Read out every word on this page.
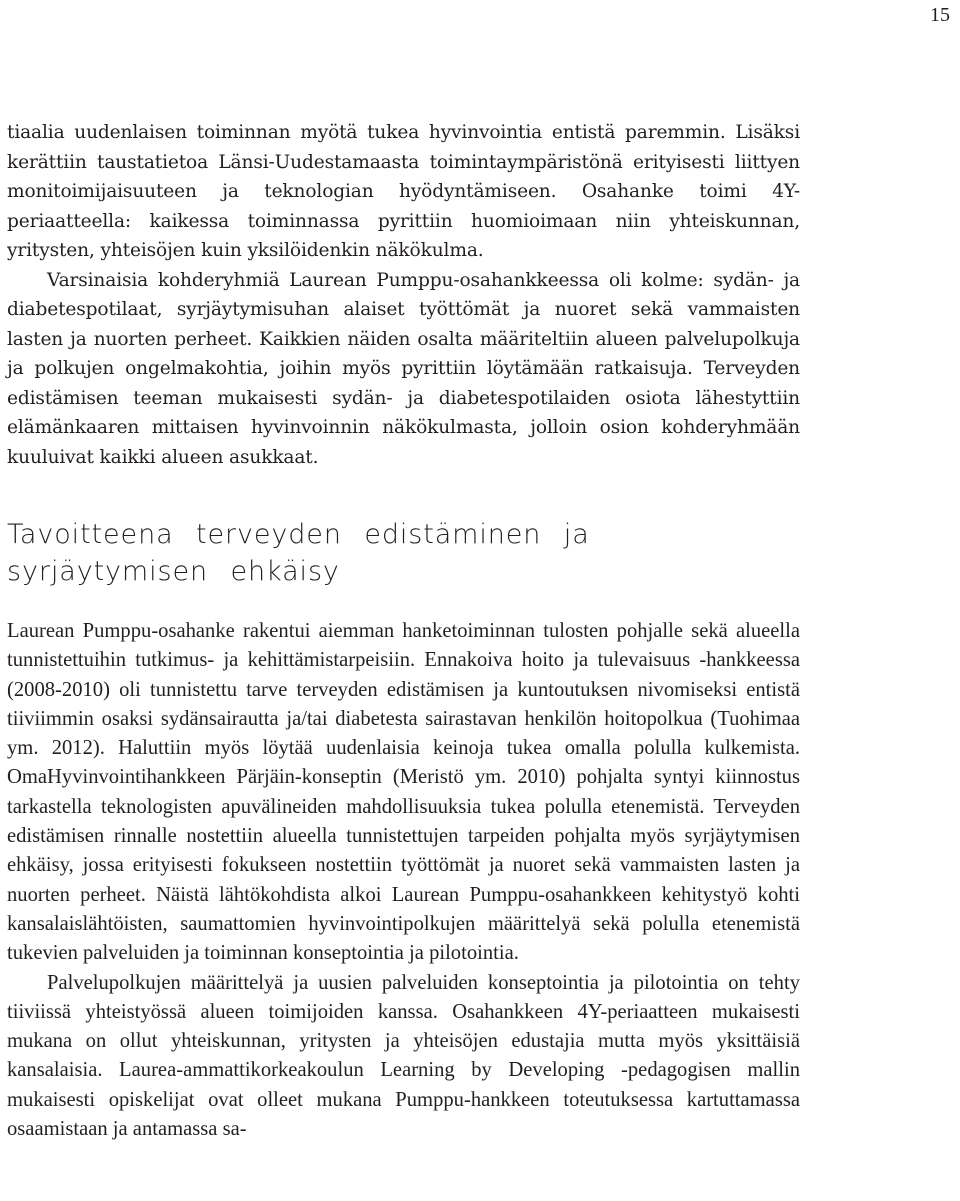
15

tiaalia uudenlaisen toiminnan myötä tukea hyvinvointia entistä paremmin. Lisäksi kerättiin taustatietoa Länsi-Uudestamaasta toimintaympäristönä erityisesti liittyen monitoimijaisuuteen ja teknologian hyödyntämiseen. Osahanke toimi 4Y-periaatteella: kaikessa toiminnassa pyrittiin huomioimaan niin yhteiskunnan, yritysten, yhteisöjen kuin yksilöidenkin näkökulma.

Varsinaisia kohderyhmiä Laurean Pumppu-osahankkeessa oli kolme: sydän- ja diabetespotilaat, syrjäytymisuhan alaiset työttömät ja nuoret sekä vammaisten lasten ja nuorten perheet. Kaikkien näiden osalta määriteltiin alueen palvelupolkuja ja polkujen ongelmakohtia, joihin myös pyrittiin löytämään ratkaisuja. Terveyden edistämisen teeman mukaisesti sydän- ja diabetespotilaiden osiota lähestyttiin elämänkaaren mittaisen hyvinvoinnin näkökulmasta, jolloin osion kohderyhmään kuuluivat kaikki alueen asukkaat.

Tavoitteena terveyden edistäminen ja syrjäytymisen ehkäisy

Laurean Pumppu-osahanke rakentui aiemman hanketoiminnan tulosten pohjalle sekä alueella tunnistettuihin tutkimus- ja kehittämistarpeisiin. Ennakoiva hoito ja tulevaisuus -hankkeessa (2008-2010) oli tunnistettu tarve terveyden edistämisen ja kuntoutuksen nivomiseksi entistä tiiviimmin osaksi sydänsairautta ja/tai diabetesta sairastavan henkilön hoitopolkua (Tuohimaa ym. 2012). Haluttiin myös löytää uudenlaisia keinoja tukea omalla polulla kulkemista. OmaHyvinvointihankkeen Pärjäin-konseptin (Meristö ym. 2010) pohjalta syntyi kiinnostus tarkastella teknologisten apuvälineiden mahdollisuuksia tukea polulla etenemistä. Terveyden edistämisen rinnalle nostettiin alueella tunnistettujen tarpeiden pohjalta myös syrjäytymisen ehkäisy, jossa erityisesti fokukseen nostettiin työttömät ja nuoret sekä vammaisten lasten ja nuorten perheet. Näistä lähtökohdista alkoi Laurean Pumppu-osahankkeen kehitystyö kohti kansalaislähtöisten, saumattomien hyvinvointipolkujen määrittelyä sekä polulla etenemistä tukevien palveluiden ja toiminnan konseptointia ja pilotointia.

Palvelupolkujen määrittelyä ja uusien palveluiden konseptointia ja pilotointia on tehty tiiviissä yhteistyössä alueen toimijoiden kanssa. Osahankkeen 4Y-periaatteen mukaisesti mukana on ollut yhteiskunnan, yritysten ja yhteisöjen edustajia mutta myös yksittäisiä kansalaisia. Laurea-ammattikorkeakoulun Learning by Developing -pedagogisen mallin mukaisesti opiskelijat ovat olleet mukana Pumppu-hankkeen toteutuksessa kartuttamassa osaamistaan ja antamassa sa-
